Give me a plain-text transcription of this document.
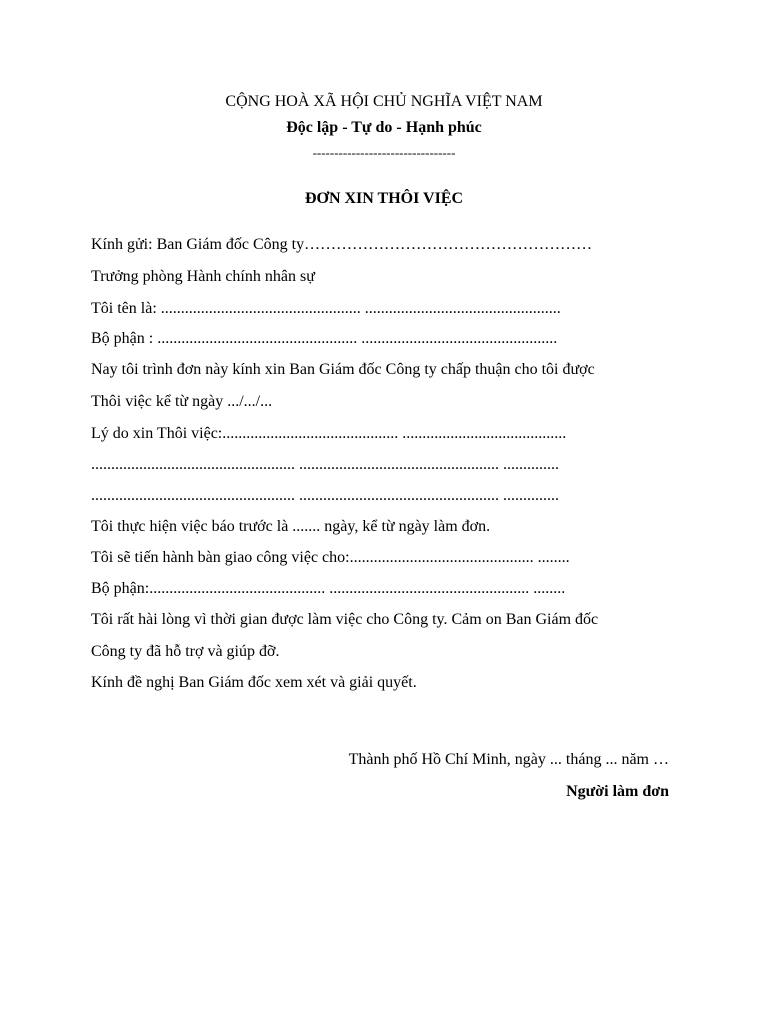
CỘNG HOÀ XÃ HỘI CHỦ NGHĨA VIỆT NAM
Độc lập - Tự do - Hạnh phúc
---------------------------------
ĐƠN XIN THÔI VIỆC
Kính gửi: Ban Giám đốc Công ty………………………………………………
Trưởng phòng Hành chính nhân sự
Tôi tên là: .................................................. .................................................
Bộ phận : .................................................. .................................................
Nay tôi trình đơn này kính xin Ban Giám đốc Công ty chấp thuận cho tôi được
Thôi việc kể từ ngày .../.../...
Lý do xin Thôi việc:............................................ .........................................
................................................... .................................................. ..............
................................................... .................................................. ..............
Tôi thực hiện việc báo trước là ....... ngày, kể từ ngày làm đơn.
Tôi sẽ tiến hành bàn giao công việc cho:.............................................. ........
Bộ phận:............................................ .................................................. ........
Tôi rất hài lòng vì thời gian được làm việc cho Công ty. Cảm on Ban Giám đốc
Công ty đã hỗ trợ và giúp đỡ.
Kính đề nghị Ban Giám đốc xem xét và giải quyết.
Thành phố Hồ Chí Minh, ngày ... tháng ... năm …
Người làm đơn
